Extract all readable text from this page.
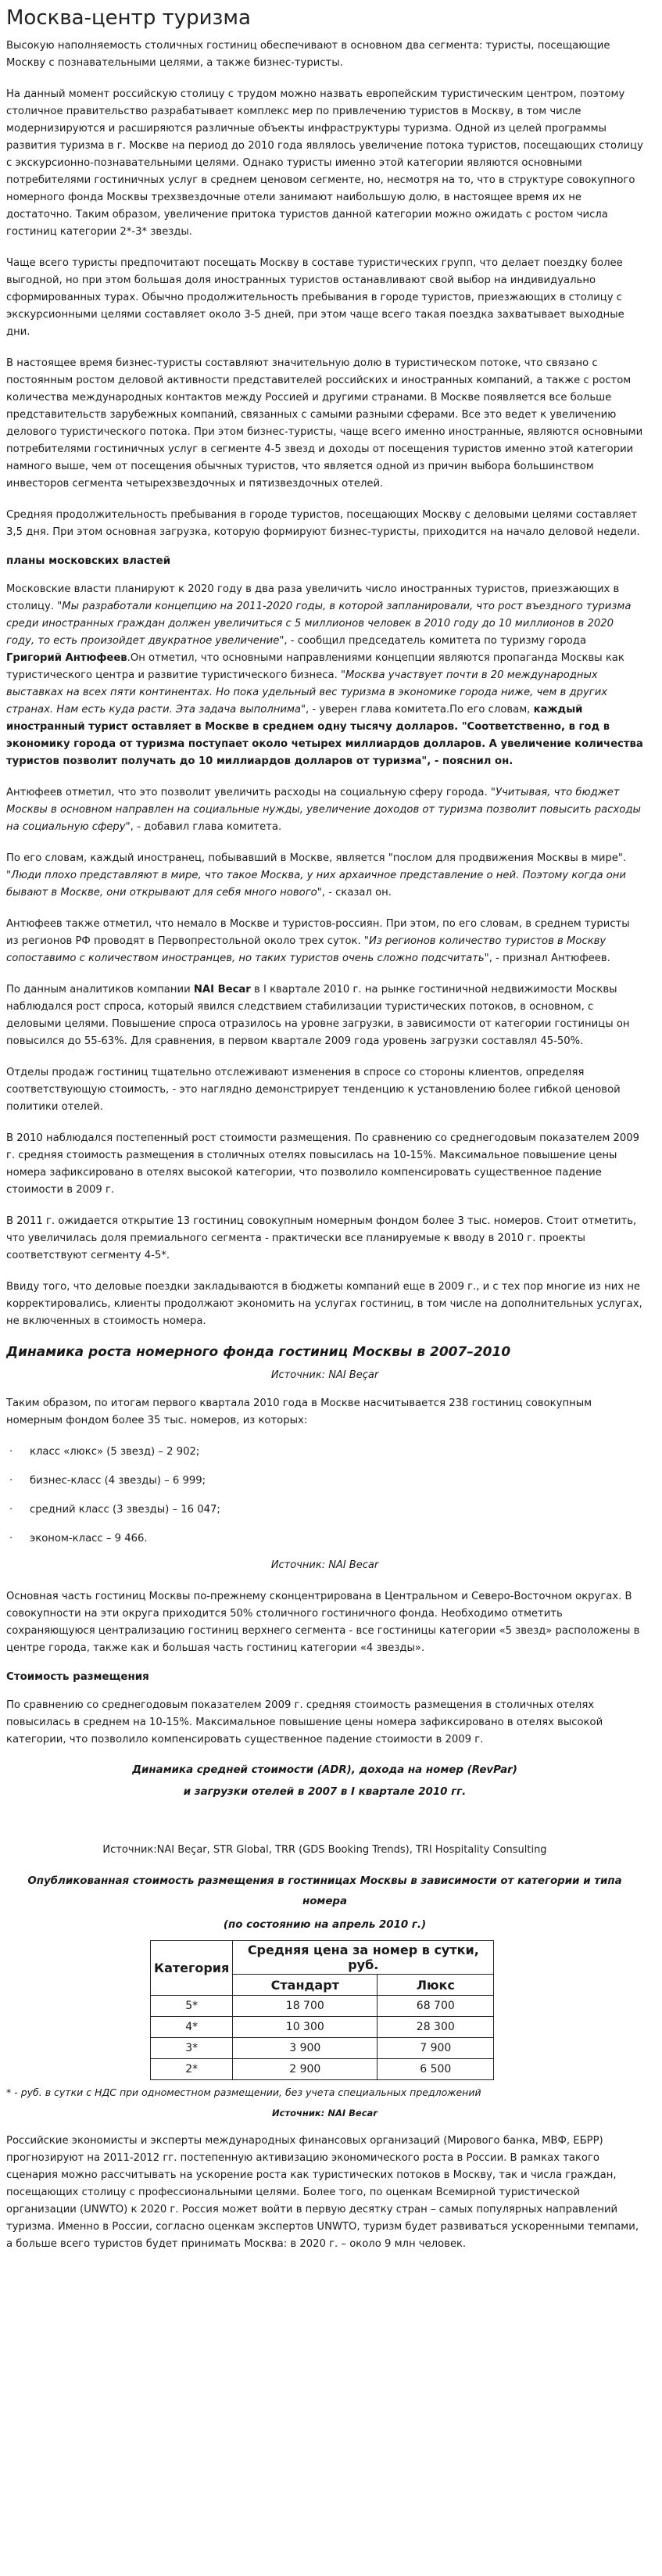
Москва-центр туризма

Высокую наполняемость столичных гостиниц обеспечивают в основном два сегмента: туристы, посещающие Москву с познавательными целями, а также бизнес-туристы.

На данный момент российскую столицу с трудом можно назвать европейским туристическим центром, поэтому столичное правительство разрабатывает комплекс мер по привлечению туристов в Москву, в том числе модернизируются и расширяются различные объекты инфраструктуры туризма. Одной из целей программы развития туризма в г. Москве на период до 2010 года являлось увеличение потока туристов, посещающих столицу с экскурсионно-познавательными целями. Однако туристы именно этой категории являются основными потребителями гостиничных услуг в среднем ценовом сегменте, но, несмотря на то, что в структуре совокупного номерного фонда Москвы трехзвездочные отели занимают наибольшую долю, в настоящее время их не достаточно. Таким образом, увеличение притока туристов данной категории можно ожидать с ростом числа гостиниц категории 2*-3* звезды.

Чаще всего туристы предпочитают посещать Москву в составе туристических групп, что делает поездку более выгодной, но при этом большая доля иностранных туристов останавливают свой выбор на индивидуально сформированных турах. Обычно продолжительность пребывания в городе туристов, приезжающих в столицу с экскурсионными целями составляет около 3-5 дней, при этом чаще всего такая поездка захватывает выходные дни.

В настоящее время бизнес-туристы составляют значительную долю в туристическом потоке, что связано с постоянным ростом деловой активности представителей российских и иностранных компаний, а также с ростом количества международных контактов между Россией и другими странами. В Москве появляется все больше представительств зарубежных компаний, связанных с самыми разными сферами. Все это ведет к увеличению делового туристического потока. При этом бизнес-туристы, чаще всего именно иностранные, являются основными потребителями гостиничных услуг в сегменте 4-5 звезд и доходы от посещения туристов именно этой категории намного выше, чем от посещения обычных туристов, что является одной из причин выбора большинством инвесторов сегмента четырехзвездочных и пятизвездочных отелей.

Средняя продолжительность пребывания в городе туристов, посещающих Москву с деловыми целями составляет 3,5 дня. При этом основная загрузка, которую формируют бизнес-туристы, приходится на начало деловой недели.

планы московских властей

Московские власти планируют к 2020 году в два раза увеличить число иностранных туристов, приезжающих в столицу. "Мы разработали концепцию на 2011-2020 годы, в которой запланировали, что рост въездного туризма среди иностранных граждан должен увеличиться с 5 миллионов человек в 2010 году до 10 миллионов в 2020 году, то есть произойдет двукратное увеличение", - сообщил председатель комитета по туризму города Григорий Антюфеев.Он отметил, что основными направлениями концепции являются пропаганда Москвы как туристического центра и развитие туристического бизнеса. "Москва участвует почти в 20 международных выставках на всех пяти континентах. Но пока удельный вес туризма в экономике города ниже, чем в других странах. Нам есть куда расти. Эта задача выполнима", - уверен глава комитета.По его словам, каждый иностранный турист оставляет в Москве в среднем одну тысячу долларов. "Соответственно, в год в экономику города от туризма поступает около четырех миллиардов долларов. А увеличение количества туристов позволит получать до 10 миллиардов долларов от туризма", - пояснил он.

Антюфеев отметил, что это позволит увеличить расходы на социальную сферу города. "Учитывая, что бюджет Москвы в основном направлен на социальные нужды, увеличение доходов от туризма позволит повысить расходы на социальную сферу", - добавил глава комитета.

По его словам, каждый иностранец, побывавший в Москве, является "послом для продвижения Москвы в мире". "Люди плохо представляют в мире, что такое Москва, у них архаичное представление о ней. Поэтому когда они бывают в Москве, они открывают для себя много нового", - сказал он.

Антюфеев также отметил, что немало в Москве и туристов-россиян. При этом, по его словам, в среднем туристы из регионов РФ проводят в Первопрестольной около трех суток. "Из регионов количество туристов в Москву сопоставимо с количеством иностранцев, но таких туристов очень сложно подсчитать", - признал Антюфеев.

По данным аналитиков компании NAI Becar в I квартале 2010 г. на рынке гостиничной недвижимости Москвы наблюдался рост спроса, который явился следствием стабилизации туристических потоков, в основном, с деловыми целями. Повышение спроса отразилось на уровне загрузки, в зависимости от категории гостиницы он повысился до 55-63%. Для сравнения, в первом квартале 2009 года уровень загрузки составлял 45-50%.

Отделы продаж гостиниц тщательно отслеживают изменения в спросе со стороны клиентов, определяя соответствующую стоимость, - это наглядно демонстрирует тенденцию к установлению более гибкой ценовой политики отелей.

В 2010 наблюдался постепенный рост стоимости размещения. По сравнению со среднегодовым показателем 2009 г. средняя стоимость размещения в столичных отелях повысилась на 10-15%. Максимальное повышение цены номера зафиксировано в отелях высокой категории, что позволило компенсировать существенное падение стоимости в 2009 г.

В 2011 г. ожидается открытие 13 гостиниц совокупным номерным фондом более 3 тыс. номеров. Стоит отметить, что увеличилась доля премиального сегмента - практически все планируемые к вводу в 2010 г. проекты соответствуют сегменту 4-5*.

Ввиду того, что деловые поездки закладываются в бюджеты компаний еще в 2009 г., и с тех пор многие из них не корректировались, клиенты продолжают экономить на услугах гостиниц, в том числе на дополнительных услугах, не включенных в стоимость номера.

Динамика роста номерного фонда гостиниц Москвы в 2007–2010
Источник: NAI Beçar

Таким образом, по итогам первого квартала 2010 года в Москве насчитывается 238 гостиниц совокупным номерным фондом более 35 тыс. номеров, из которых:

· класс «люкс» (5 звезд) – 2 902;
· бизнес-класс (4 звезды) – 6 999;
· средний класс (3 звезды) – 16 047;
· эконом-класс – 9 466.
Источник: NAI Becar

Основная часть гостиниц Москвы по-прежнему сконцентрирована в Центральном и Северо-Восточном округах. В совокупности на эти округа приходится 50% столичного гостиничного фонда. Необходимо отметить сохраняющуюся централизацию гостиниц верхнего сегмента - все гостиницы категории «5 звезд» расположены в центре города, также как и большая часть гостиниц категории «4 звезды».

Стоимость размещения

По сравнению со среднегодовым показателем 2009 г. средняя стоимость размещения в столичных отелях повысилась в среднем на 10-15%. Максимальное повышение цены номера зафиксировано в отелях высокой категории, что позволило компенсировать существенное падение стоимости в 2009 г.

Динамика средней стоимости (ADR), дохода на номер (RevPar)
и загрузки отелей в 2007 в I квартале 2010 гг.
Источник:NAI Beçar, STR Global, TRR (GDS Booking Trends), TRI Hospitality Consulting
Опубликованная стоимость размещения в гостиницах Москвы в зависимости от категории и типа номера
(по состоянию на апрель 2010 г.)
Категория	Средняя цена за номер в сутки, руб.	
	Стандарт	Люкс
5*	18 700	68 700
4*	10 300	28 300
3*	3 900	7 900
2*	2 900	6 500
* - руб. в сутки с НДС при одноместном размещении, без учета специальных предложений
Источник: NAI Becar

Российские экономисты и эксперты международных финансовых организаций (Мирового банка, МВФ, ЕБРР) прогнозируют на 2011-2012 гг. постепенную активизацию экономического роста в России. В рамках такого сценария можно рассчитывать на ускорение роста как туристических потоков в Москву, так и числа граждан, посещающих столицу с профессиональными целями. Более того, по оценкам Всемирной туристической организации (UNWTO) к 2020 г. Россия может войти в первую десятку стран – самых популярных направлений туризма. Именно в России, согласно оценкам экспертов UNWTO, туризм будет развиваться ускоренными темпами, а больше всего туристов будет принимать Москва: в 2020 г. – около 9 млн человек.
